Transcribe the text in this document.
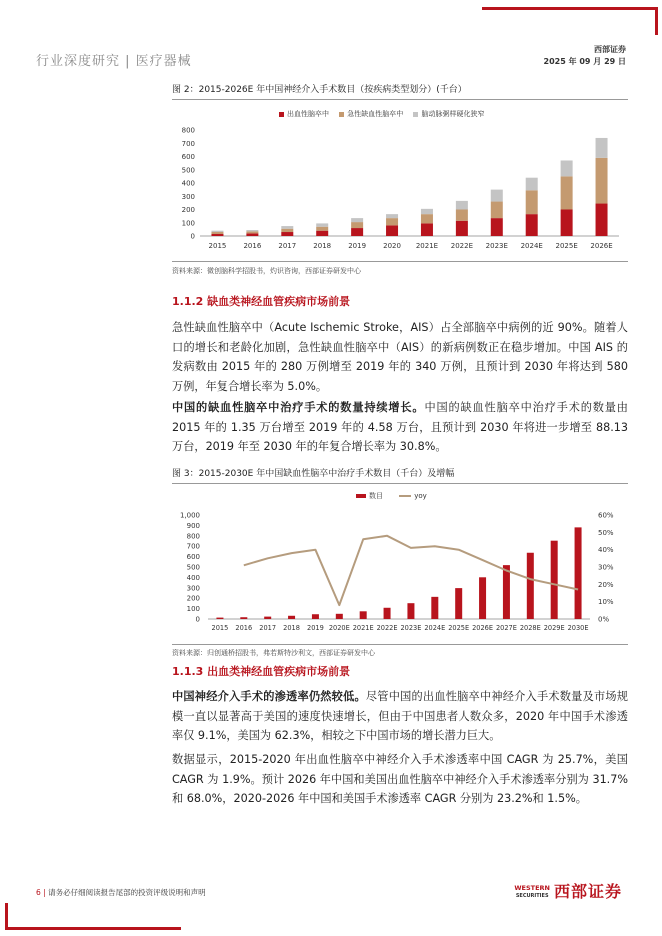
行业深度研究 | 医疗器械
西部证券
2025 年 09 月 29 日
图 2：2015-2026E 年中国神经介入手术数目（按疾病类型划分）(千台）
出血性脑卒中	急性缺血性脑卒中	脑动脉粥样硬化狭窄
0
100
200
300
400
500
600
700
800
2015 2016 2017 2018 2019 2020 2021E 2022E 2023E 2024E 2025E 2026E
资料来源：微创脑科学招股书，灼识咨询，西部证券研发中心
1.1.2 缺血类神经血管疾病市场前景
急性缺血性脑卒中（Acute Ischemic Stroke，AIS）占全部脑卒中病例的近 90%。随着人口的增长和老龄化加剧，急性缺血性脑卒中（AIS）的新病例数正在稳步增加。中国 AIS 的发病数由 2015 年的 280 万例增至 2019 年的 340 万例，且预计到 2030 年将达到 580 万例，年复合增长率为 5.0%。
中国的缺血性脑卒中治疗手术的数量持续增长。中国的缺血性脑卒中治疗手术的数量由 2015 年的 1.35 万台增至 2019 年的 4.58 万台，且预计到 2030 年将进一步增至 88.13 万台，2019 年至 2030 年的年复合增长率为 30.8%。
图 3：2015-2030E 年中国缺血性脑卒中治疗手术数目（千台）及增幅
数目	yoy
0
100
200
300
400
500
600
700
800
900
1,000
0%
10%
20%
30%
40%
50%
60%
2015 2016 2017 2018 2019 2020E 2021E 2022E 2023E 2024E 2025E 2026E 2027E 2028E 2029E 2030E
资料来源：归创通桥招股书，弗若斯特沙利文，西部证券研发中心
1.1.3 出血类神经血管疾病市场前景
中国神经介入手术的渗透率仍然较低。尽管中国的出血性脑卒中神经介入手术数量及市场规模一直以显著高于美国的速度快速增长，但由于中国患者人数众多，2020 年中国手术渗透率仅 9.1%，美国为 62.3%，相较之下中国市场的增长潜力巨大。
数据显示，2015-2020 年出血性脑卒中神经介入手术渗透率中国 CAGR 为 25.7%，美国 CAGR 为 1.9%。预计 2026 年中国和美国出血性脑卒中神经介入手术渗透率分别为 31.7% 和 68.0%，2020-2026 年中国和美国手术渗透率 CAGR 分别为 23.2%和 1.5%。
6 | 请务必仔细阅读报告尾部的投资评级说明和声明	WESTERN
SECURITIES 西部证券
